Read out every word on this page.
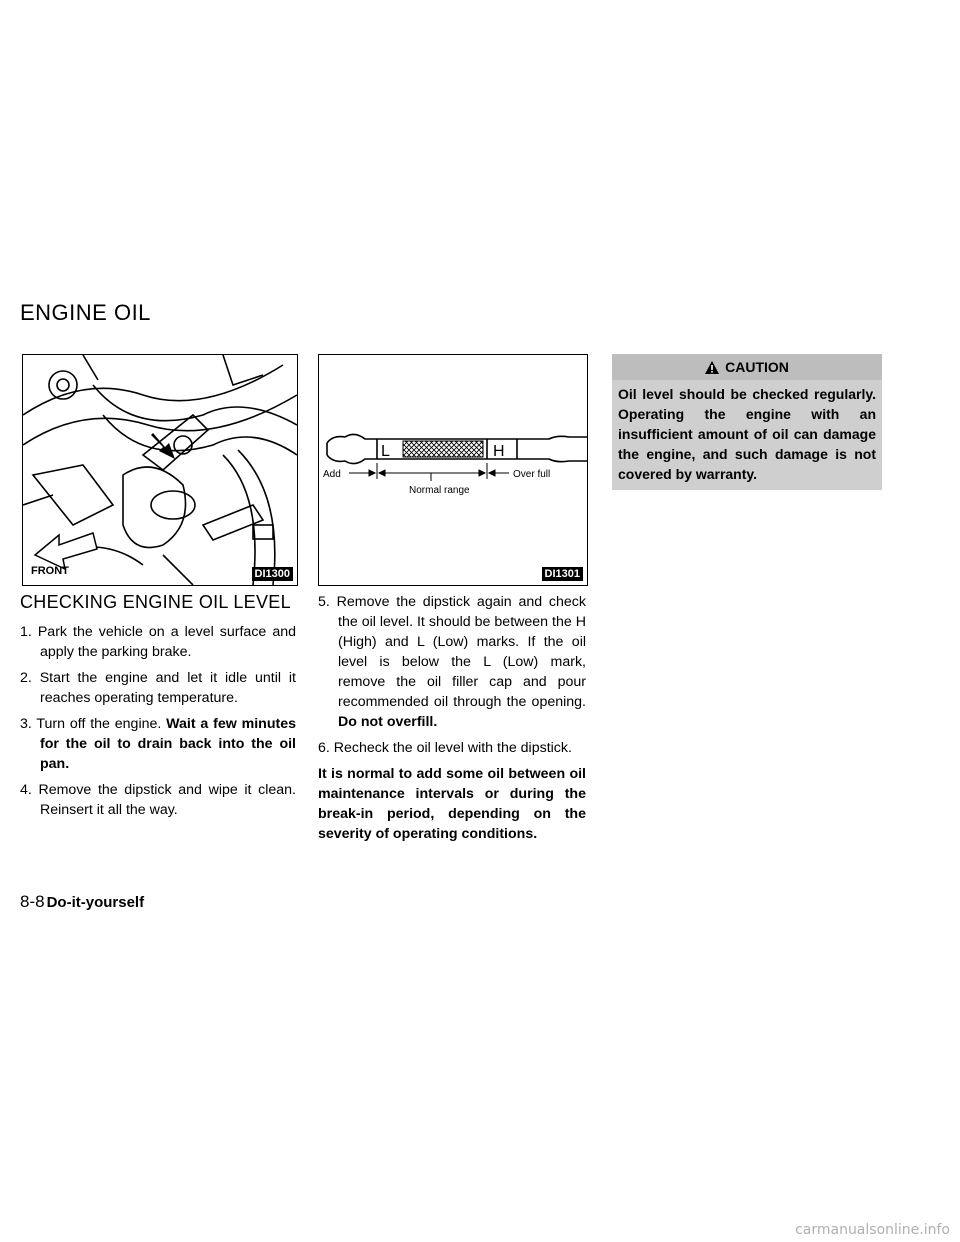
ENGINE OIL
FRONT	DI1300
L	H
Add	Over full
Normal range
DI1301
CHECKING ENGINE OIL LEVEL

1. Park the vehicle on a level surface and apply the parking brake.

2. Start the engine and let it idle until it reaches operating temperature.

3. Turn off the engine. Wait a few minutes for the oil to drain back into the oil pan.

4. Remove the dipstick and wipe it clean. Reinsert it all the way.

5. Remove the dipstick again and check the oil level. It should be between the H (High) and L (Low) marks. If the oil level is below the L (Low) mark, remove the oil filler cap and pour recommended oil through the opening. Do not overfill.

6. Recheck the oil level with the dipstick.

It is normal to add some oil between oil maintenance intervals or during the break-in period, depending on the severity of operating conditions.

CAUTION
Oil level should be checked regularly. Operating the engine with an insufficient amount of oil can damage the engine, and such damage is not covered by warranty.
8-8 Do-it-yourself
carmanualsonline.info
